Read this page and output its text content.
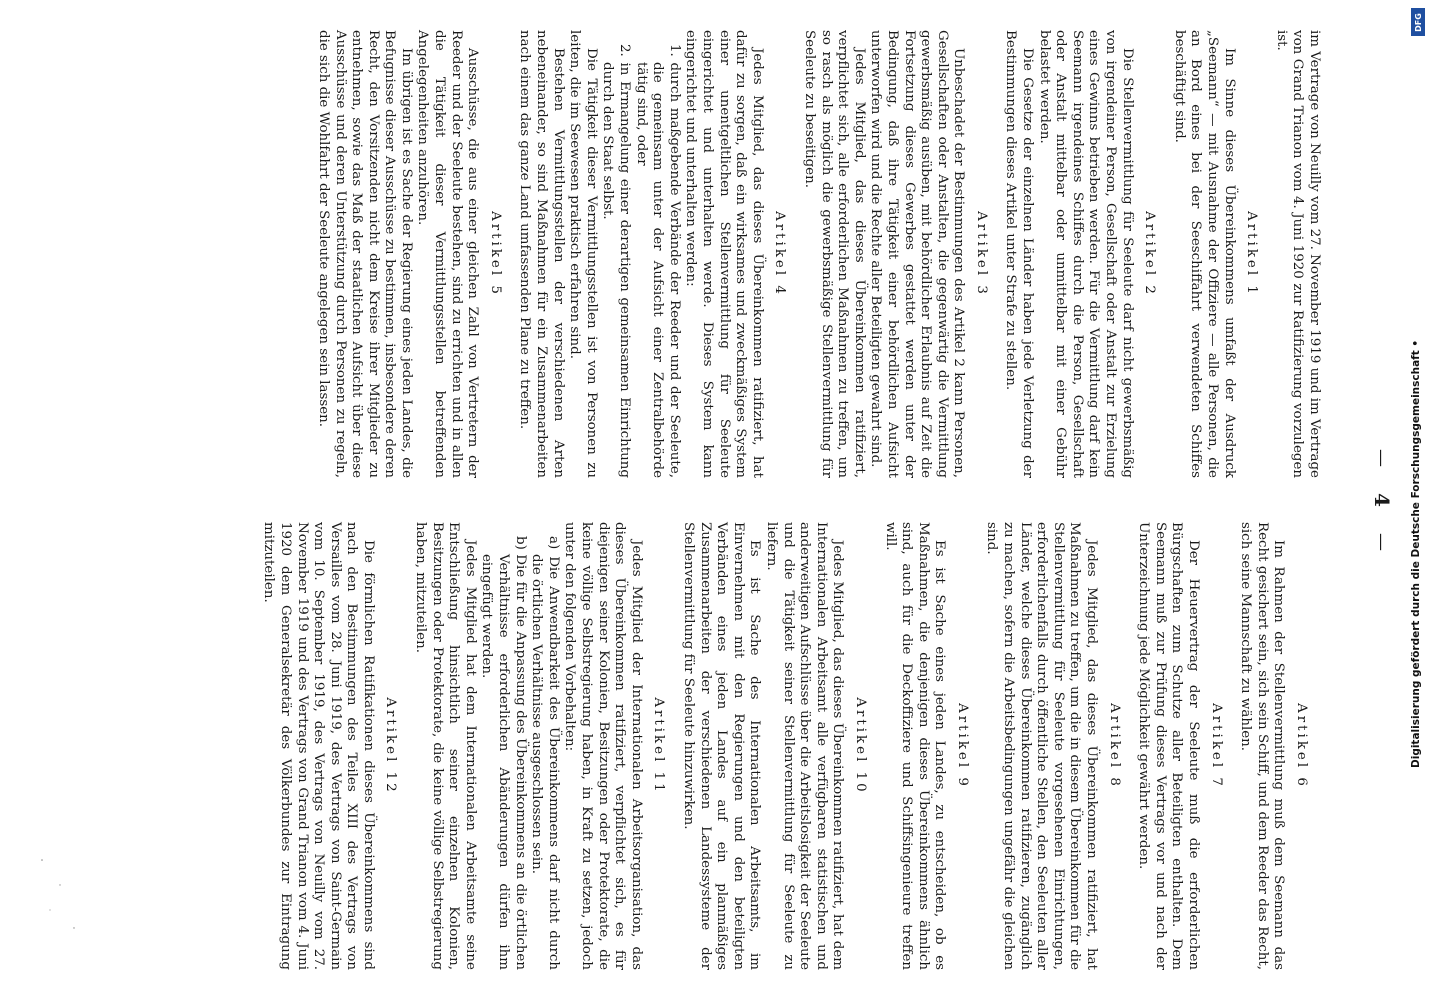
—
4
—

im Vertrage von Neuilly vom 27. November 1919 und im Vertrage von Grand Trianon vom 4. Juni 1920 zur Ratifizierung vorzulegen ist.

Artikel 1

Im Sinne dieses Übereinkommens umfaßt der Ausdruck „Seemann“ — mit Ausnahme der Offiziere — alle Personen, die an Bord eines bei der Seeschiffahrt verwendeten Schiffes beschäftigt sind.

Artikel 2

Die Stellenvermittlung für Seeleute darf nicht gewerbsmäßig von irgendeiner Person, Gesellschaft oder Anstalt zur Erzielung eines Gewinns betrieben werden. Für die Vermittlung darf kein Seemann irgendeines Schiffes durch die Person, Gesellschaft oder Anstalt mittelbar oder unmittelbar mit einer Gebühr belastet werden.

Die Gesetze der einzelnen Länder haben jede Verletzung der Bestimmungen dieses Artikel unter Strafe zu stellen.

Artikel 3

Unbeschadet der Bestimmungen des Artikel 2 kann Personen, Gesellschaften oder Anstalten, die gegenwärtig die Vermittlung gewerbsmäßig ausüben, mit behördlicher Erlaubnis auf Zeit die Fortsetzung dieses Gewerbes gestattet werden unter der Bedingung, daß ihre Tätigkeit einer behördlichen Aufsicht unterworfen wird und die Rechte aller Beteiligten gewahrt sind.

Jedes Mitglied, das dieses Übereinkommen ratifiziert, verpflichtet sich, alle erforderlichen Maßnahmen zu treffen, um so rasch als möglich die gewerbsmäßige Stellenvermittlung für Seeleute zu beseitigen.

Artikel 4

Jedes Mitglied, das dieses Übereinkommen ratifiziert, hat dafür zu sorgen, daß ein wirksames und zweckmäßiges System einer unentgeltlichen Stellenvermittlung für Seeleute eingerichtet und unterhalten werde. Dieses System kann eingerichtet und unterhalten werden:

1. durch maßgebende Verbände der Reeder und der Seeleute, die gemeinsam unter der Aufsicht einer Zentralbehörde tätig sind, oder

2. in Ermangelung einer derartigen gemeinsamen Einrichtung durch den Staat selbst.

Die Tätigkeit dieser Vermittlungsstellen ist von Personen zu leiten, die im Seewesen praktisch erfahren sind.

Bestehen Vermittlungsstellen der verschiedenen Arten nebeneinander, so sind Maßnahmen für ein Zusammenarbeiten nach einem das ganze Land umfassenden Plane zu treffen.

Artikel 5

Ausschüsse, die aus einer gleichen Zahl von Vertretern der Reeder und der Seeleute bestehen, sind zu errichten und in allen die Tätigkeit dieser Vermittlungsstellen betreffenden Angelegenheiten anzuhören.

Im übrigen ist es Sache der Regierung eines jeden Landes, die Befugnisse dieser Ausschüsse zu bestimmen, insbesondere deren Recht, den Vorsitzenden nicht dem Kreise ihrer Mitglieder zu entnehmen, sowie das Maß der staatlichen Aufsicht über diese Ausschüsse und deren Unterstützung durch Personen zu regeln, die sich die Wohlfahrt der Seeleute angelegen sein lassen.

Artikel 6

Im Rahmen der Stellenvermittlung muß dem Seemann das Recht gesichert sein, sich sein Schiff, und dem Reeder das Recht, sich seine Mannschaft zu wählen.

Artikel 7

Der Heuervertrag der Seeleute muß die erforderlichen Bürgschaften zum Schutze aller Beteiligten enthalten. Dem Seemann muß zur Prüfung dieses Vertrags vor und nach der Unterzeichnung jede Möglichkeit gewährt werden.

Artikel 8

Jedes Mitglied, das dieses Übereinkommen ratifiziert, hat Maßnahmen zu treffen, um die in diesem Übereinkommen für die Stellenvermittlung für Seeleute vorgesehenen Einrichtungen, erforderlichenfalls durch öffentliche Stellen, den Seeleuten aller Länder, welche dieses Übereinkommen ratifizieren, zugänglich zu machen, sofern die Arbeitsbedingungen ungefähr die gleichen sind.

Artikel 9

Es ist Sache eines jeden Landes, zu entscheiden, ob es Maßnahmen, die denjenigen dieses Übereinkommens ähnlich sind, auch für die Deckoffiziere und Schiffsingenieure treffen will.

Artikel 10

Jedes Mitglied, das dieses Übereinkommen ratifiziert, hat dem Internationalen Arbeitsamt alle verfügbaren statistischen und anderweitigen Aufschlüsse über die Arbeitslosigkeit der Seeleute und die Tätigkeit seiner Stellenvermittlung für Seeleute zu liefern.

Es ist Sache des Internationalen Arbeitsamts, im Einvernehmen mit den Regierungen und den beteiligten Verbänden eines jeden Landes auf ein planmäßiges Zusammenarbeiten der verschiedenen Landessysteme der Stellenvermittlung für Seeleute hinzuwirken.

Artikel 11

Jedes Mitglied der Internationalen Arbeitsorganisation, das dieses Übereinkommen ratifiziert, verpflichtet sich, es für diejenigen seiner Kolonien, Besitzungen oder Protektorate, die keine völlige Selbstregierung haben, in Kraft zu setzen, jedoch unter den folgenden Vorbehalten:

a) Die Anwendbarkeit des Übereinkommens darf nicht durch die örtlichen Verhältnisse ausgeschlossen sein.

b) Die für die Anpassung des Übereinkommens an die örtlichen Verhältnisse erforderlichen Abänderungen dürfen ihm eingefügt werden.

Jedes Mitglied hat dem Internationalen Arbeitsamte seine Entschließung hinsichtlich seiner einzelnen Kolonien, Besitzungen oder Protektorate, die keine völlige Selbstregierung haben, mitzuteilen.

Artikel 12

Die förmlichen Ratifikationen dieses Übereinkommens sind nach den Bestimmungen des Teiles XIII des Vertrags von Versailles vom 28. Juni 1919, des Vertrags von Saint-Germain vom 10. September 1919, des Vertrags von Neuilly vom 27. November 1919 und des Vertrags von Grand Trianon vom 4. Juni 1920 dem Generalsekretär des Völkerbundes zur Eintragung mitzuteilen.

DFG
Digitalisierung gefördert durch die Deutsche Forschungsgemeinschaft •
